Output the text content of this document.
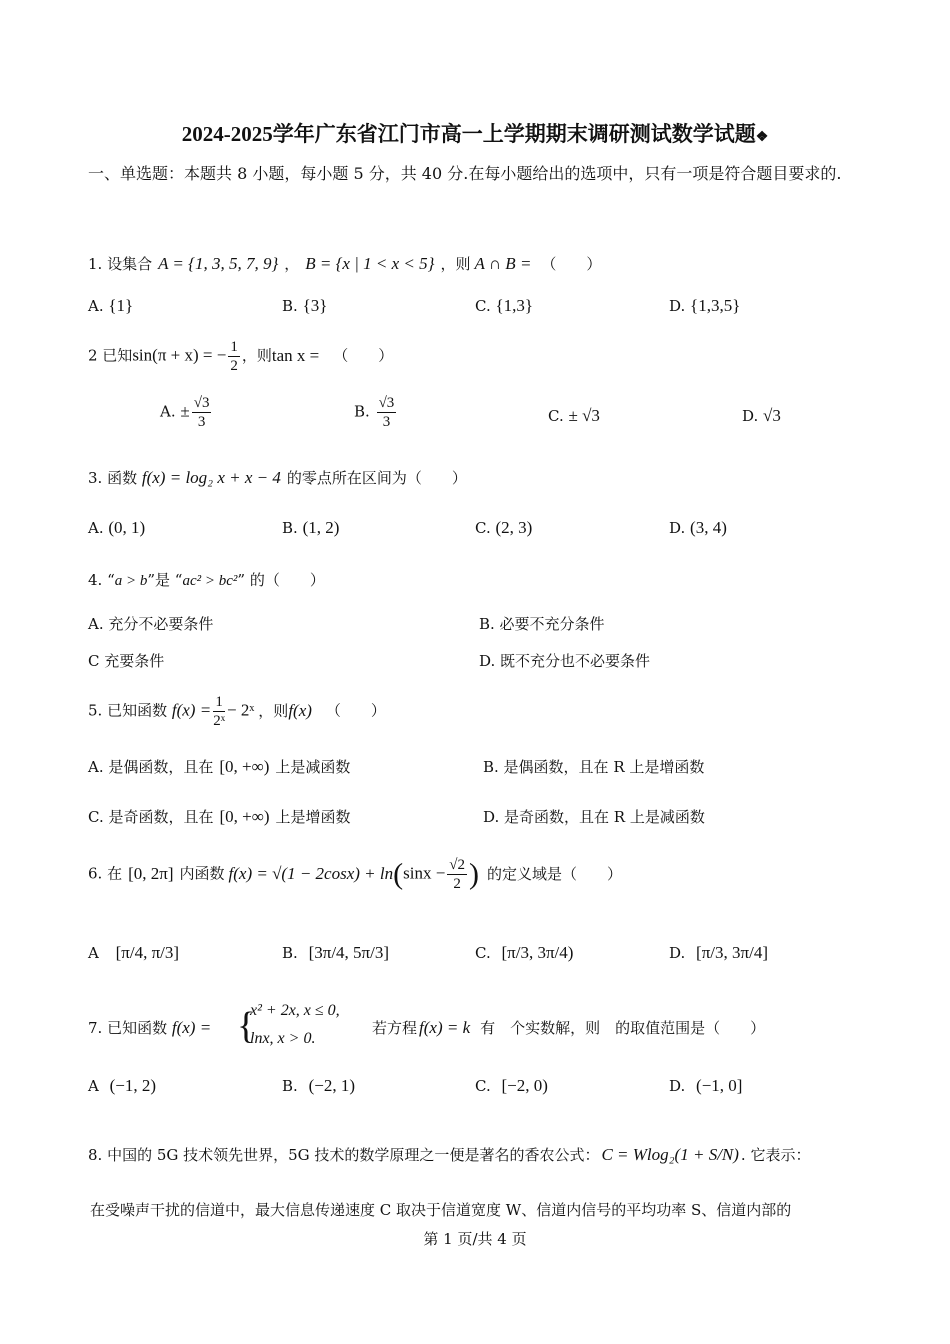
2024-2025学年广东省江门市高一上学期期末调研测试数学试题❖
一、单选题：本题共 8 小题，每小题 5 分，共 40 分.在每小题给出的选项中，只有一项是符合题目要求的.
1. 设集合 A = {1, 3, 5, 7, 9} ， B = {x | 1 < x < 5} ，则 A ∩ B = （　　）
A. {1}	B. {3}	C. {1,3}	D. {1,3,5}
2 已知sin(π + x) = − $\frac{1}{2}$ ，则tan x = （　　）
A. ± $\frac{√3}{3}$	B. $\frac{√3}{3}$	C. ± √3	D. √3
3. 函数 f(x) = log₂ x + x − 4 的零点所在区间为（　　）
A. (0, 1)	B. (1, 2)	C. (2, 3)	D. (3, 4)
4. “a > b”是 “ac² > bc²” 的（　　）
A. 充分不必要条件	B. 必要不充分条件
C 充要条件	D. 既不充分也不必要条件
5. 已知函数 $f(x) = \frac{1}{\text{2ˣ}}$ − 2ˣ ，则f(x) （　　）
A. 是偶函数，且在 [0, +∞) 上是减函数	B. 是偶函数，且在 R 上是增函数
C. 是奇函数，且在 [0, +∞) 上是增函数	D. 是奇函数，且在 R 上是减函数
6. 在 [0, 2π] 内函数 $f(x) = √(1 - 2\cos x) + \ln(\sin x - \frac{√2}{2}$ ) 的定义域是（　　）
A [π/4, π/3]	B. [3π/4, 5π/3]	C. [π/3, 3π/4)	D. [π/3, 3π/4]
7. 已知函数 f(x) = {
x² + 2x, x ≤ 0,
lnx, x > 0.
若方程 f(x) = k 有　个实数解，则　的取值范围是（　　）
A (−1, 2)	B. (−2, 1)	C. [−2, 0)	D. (−1, 0]
8. 中国的 5G 技术领先世界，5G 技术的数学原理之一便是著名的香农公式： C = Wlog₂(1 + S/N) . 它表示：
在受噪声干扰的信道中，最大信息传递速度 C 取决于信道宽度 W、信道内信号的平均功率 S、信道内部的
第 1 页/共 4 页
